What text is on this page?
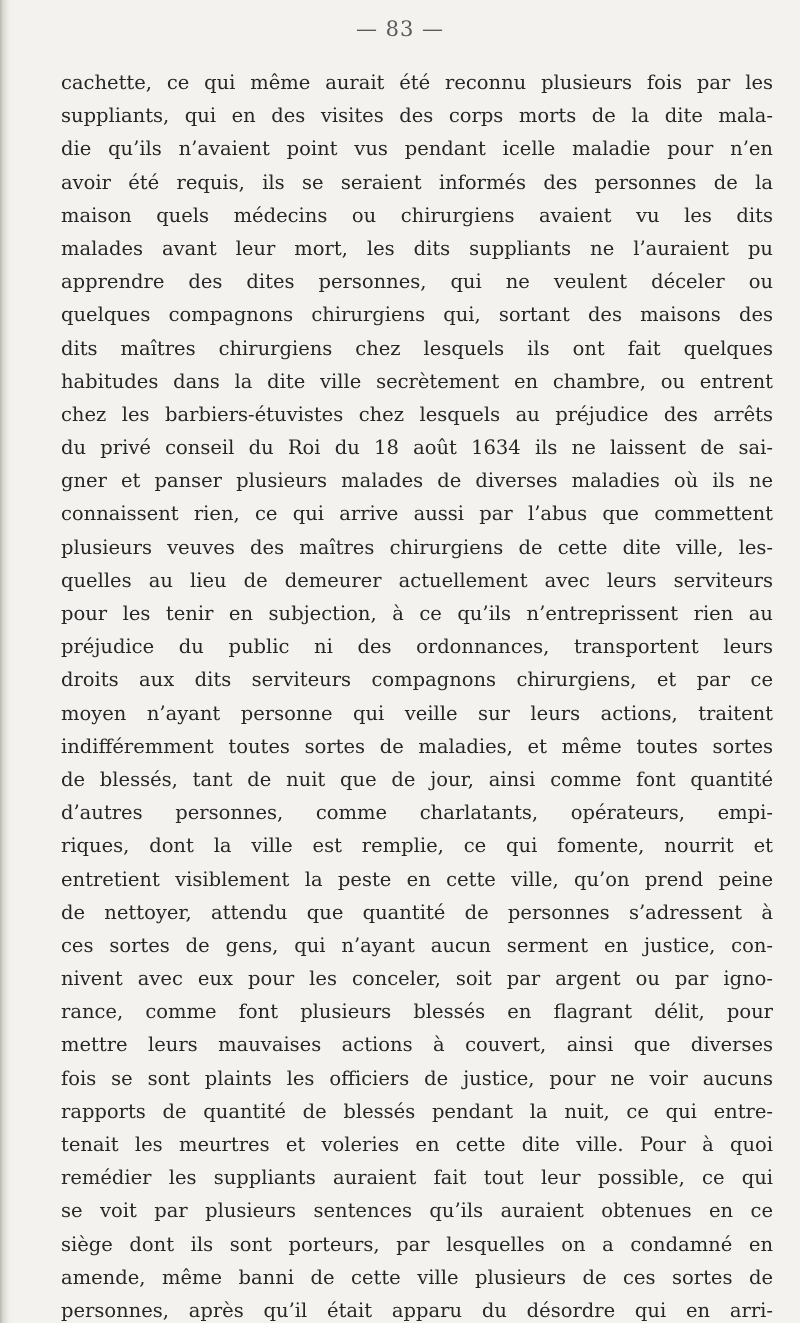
— 83 —
cachette, ce qui même aurait été reconnu plusieurs fois par les
suppliants, qui en des visites des corps morts de la dite mala-
die qu’ils n’avaient point vus pendant icelle maladie pour n’en
avoir été requis, ils se seraient informés des personnes de la
maison quels médecins ou chirurgiens avaient vu les dits
malades avant leur mort, les dits suppliants ne l’auraient pu
apprendre des dites personnes, qui ne veulent déceler ou
quelques compagnons chirurgiens qui, sortant des maisons des
dits maîtres chirurgiens chez lesquels ils ont fait quelques
habitudes dans la dite ville secrètement en chambre, ou entrent
chez les barbiers-étuvistes chez lesquels au préjudice des arrêts
du privé conseil du Roi du 18 août 1634 ils ne laissent de sai-
gner et panser plusieurs malades de diverses maladies où ils ne
connaissent rien, ce qui arrive aussi par l’abus que commettent
plusieurs veuves des maîtres chirurgiens de cette dite ville, les-
quelles au lieu de demeurer actuellement avec leurs serviteurs
pour les tenir en subjection, à ce qu’ils n’entreprissent rien au
préjudice du public ni des ordonnances, transportent leurs
droits aux dits serviteurs compagnons chirurgiens, et par ce
moyen n’ayant personne qui veille sur leurs actions, traitent
indifféremment toutes sortes de maladies, et même toutes sortes
de blessés, tant de nuit que de jour, ainsi comme font quantité
d’autres personnes, comme charlatants, opérateurs, empi-
riques, dont la ville est remplie, ce qui fomente, nourrit et
entretient visiblement la peste en cette ville, qu’on prend peine
de nettoyer, attendu que quantité de personnes s’adressent à
ces sortes de gens, qui n’ayant aucun serment en justice, con-
nivent avec eux pour les conceler, soit par argent ou par igno-
rance, comme font plusieurs blessés en flagrant délit, pour
mettre leurs mauvaises actions à couvert, ainsi que diverses
fois se sont plaints les officiers de justice, pour ne voir aucuns
rapports de quantité de blessés pendant la nuit, ce qui entre-
tenait les meurtres et voleries en cette dite ville. Pour à quoi
remédier les suppliants auraient fait tout leur possible, ce qui
se voit par plusieurs sentences qu’ils auraient obtenues en ce
siège dont ils sont porteurs, par lesquelles on a condamné en
amende, même banni de cette ville plusieurs de ces sortes de
personnes, après qu’il était apparu du désordre qui en arri-
